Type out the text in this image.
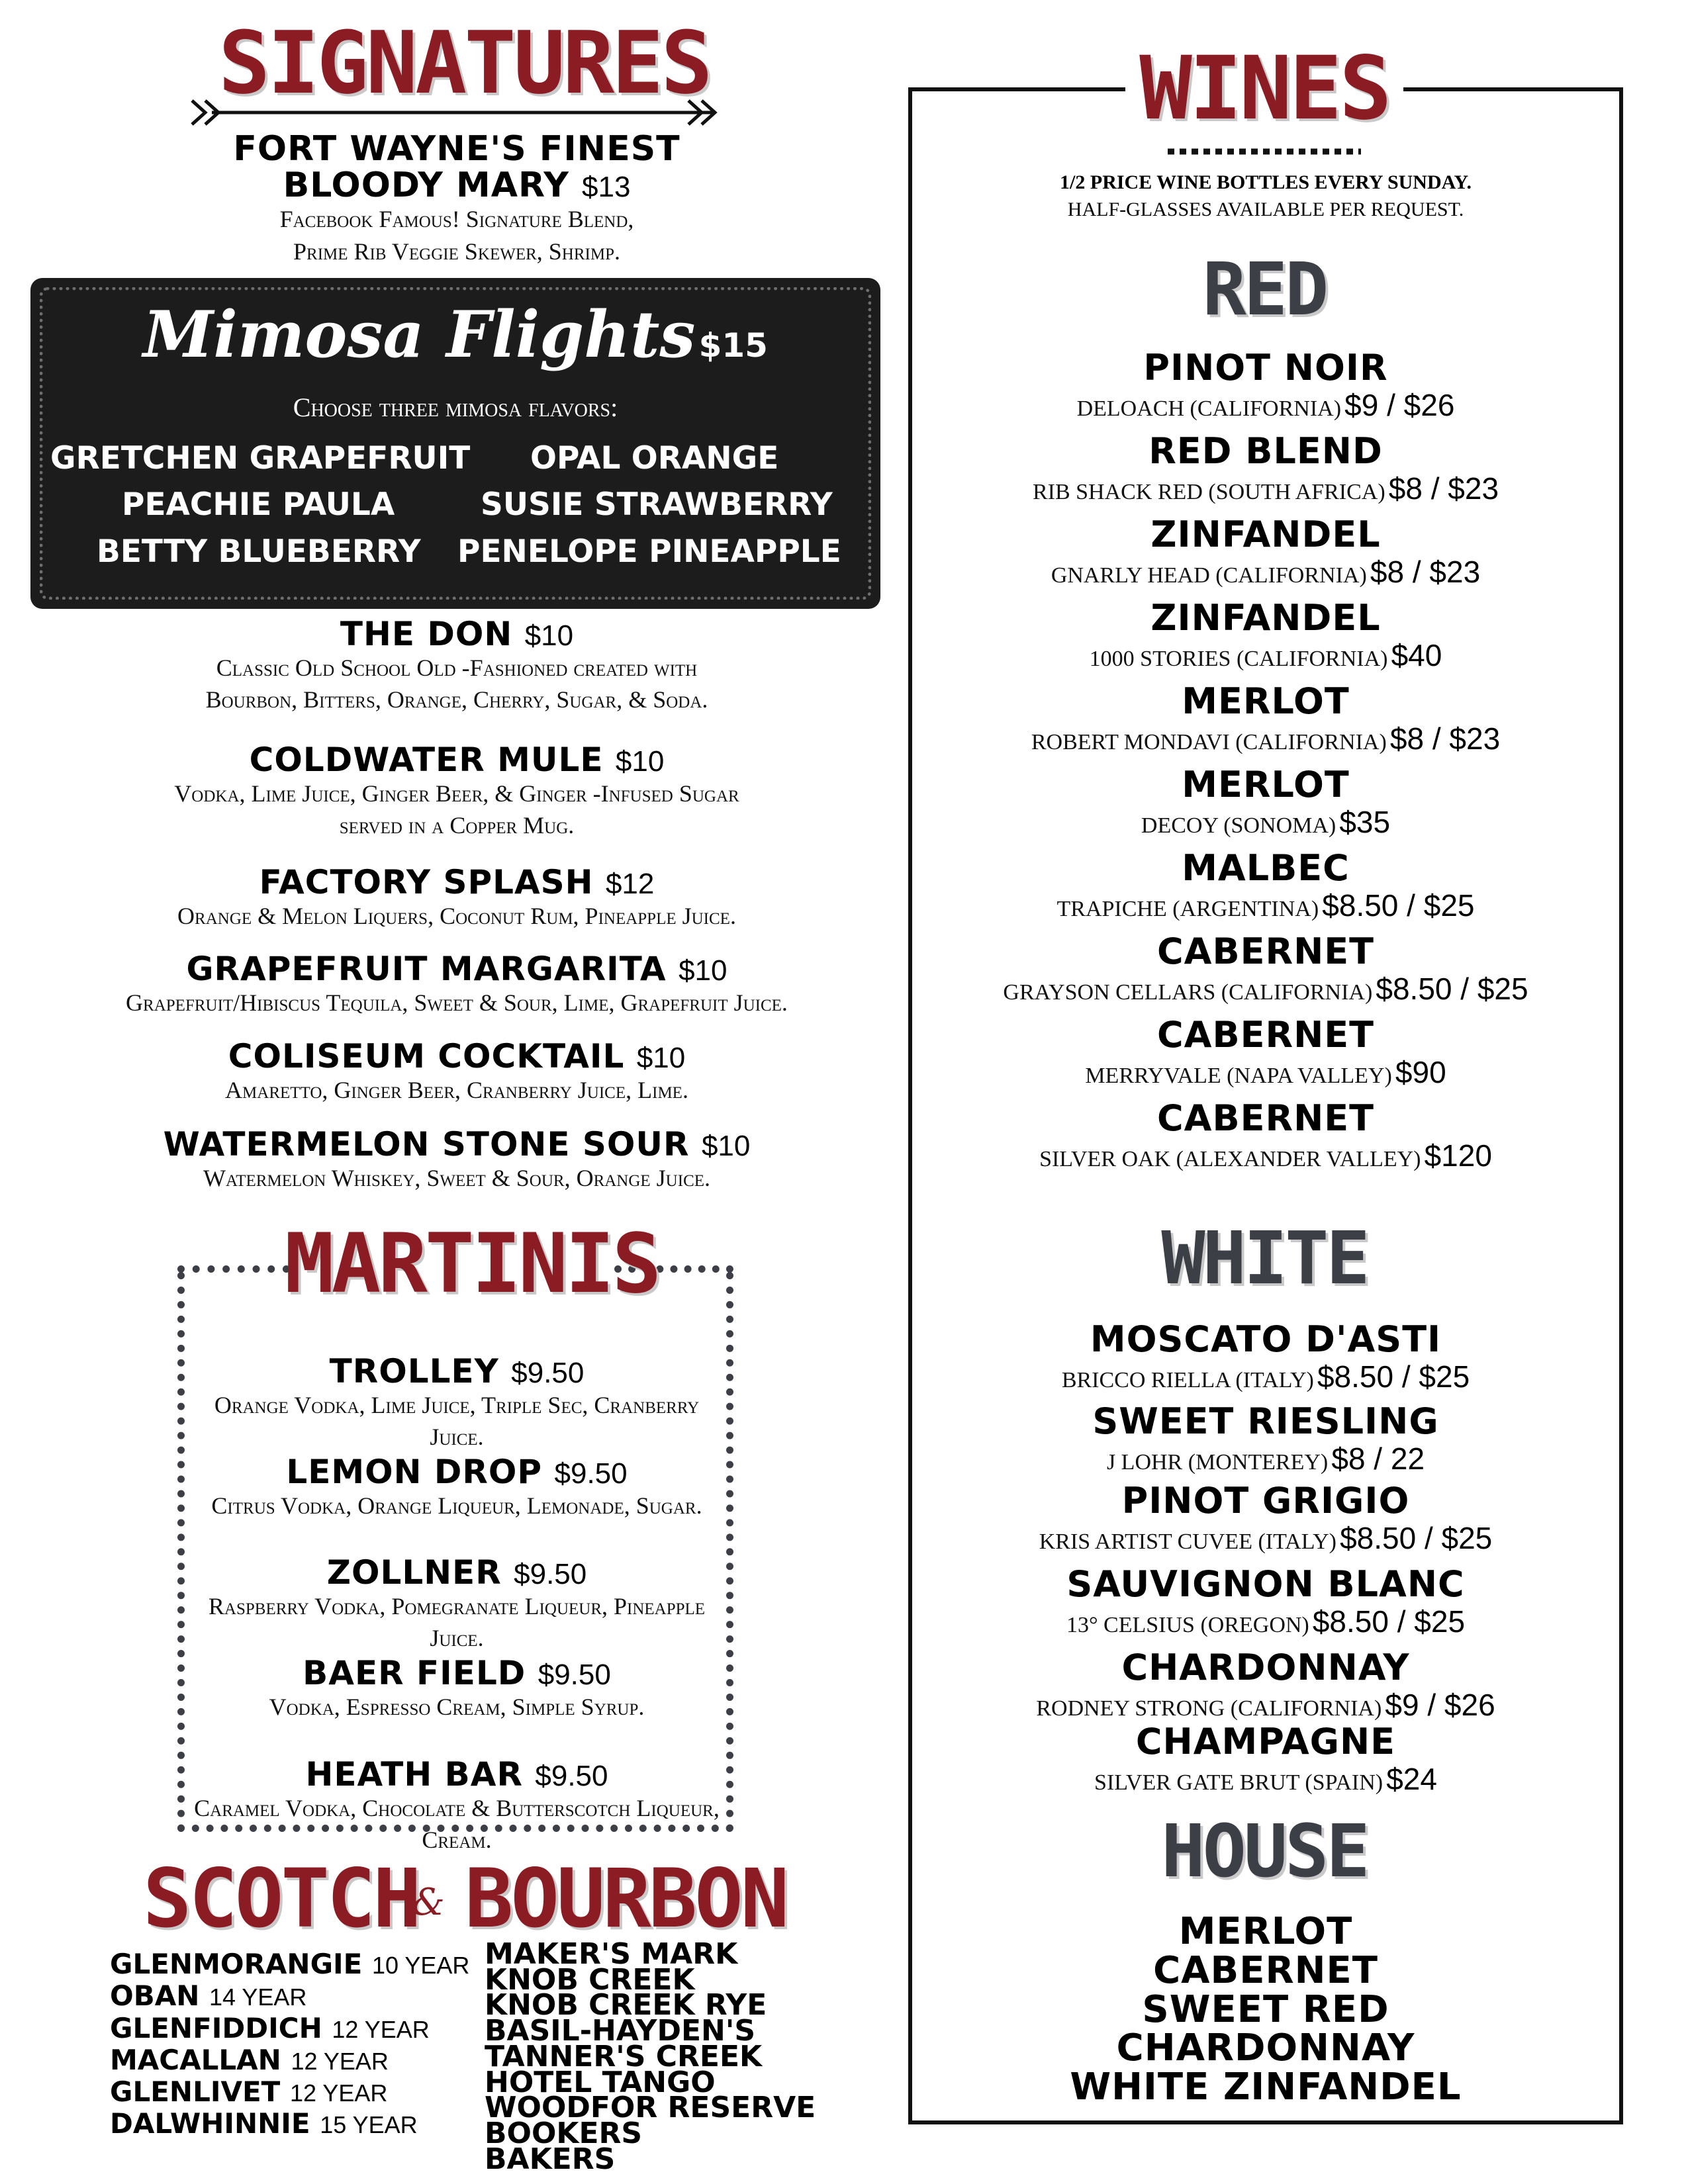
SIGNATURES
FORT WAYNE'S FINEST
BLOODY MARY $13
Facebook Famous! Signature Blend,
Prime Rib Veggie Skewer, Shrimp.
Mimosa Flights $15
Choose three mimosa flavors:
GRETCHEN GRAPEFRUIT OPAL ORANGE
PEACHIE PAULA	SUSIE STRAWBERRY
BETTY BLUEBERRY PENELOPE PINEAPPLE
THE DON $10
Classic Old School Old -Fashioned created with
Bourbon, Bitters, Orange, Cherry, Sugar, & Soda.
COLDWATER MULE $10
Vodka, Lime Juice, Ginger Beer, & Ginger -Infused Sugar
served in a Copper Mug.
FACTORY SPLASH $12
Orange & Melon Liquers, Coconut Rum, Pineapple Juice.
GRAPEFRUIT MARGARITA $10
Grapefruit/Hibiscus Tequila, Sweet & Sour, Lime, Grapefruit Juice.
COLISEUM COCKTAIL $10
Amaretto, Ginger Beer, Cranberry Juice, Lime.
WATERMELON STONE SOUR $10
Watermelon Whiskey, Sweet & Sour, Orange Juice.
MARTINIS
TROLLEY $9.50
Orange Vodka, Lime Juice, Triple Sec, Cranberry Juice.
LEMON DROP $9.50
Citrus Vodka, Orange Liqueur, Lemonade, Sugar.
ZOLLNER $9.50
Raspberry Vodka, Pomegranate Liqueur, Pineapple Juice.
BAER FIELD $9.50
Vodka, Espresso Cream, Simple Syrup.
HEATH BAR $9.50
Caramel Vodka, Chocolate & Butterscotch Liqueur, Cream.
SCOTCH
& BOURBON
GLENMORANGIE 10 YEAR
OBAN 14 YEAR
GLENFIDDICH 12 YEAR
MACALLAN 12 YEAR
GLENLIVET 12 YEAR
DALWHINNIE 15 YEAR
MAKER'S MARK
KNOB CREEK
KNOB CREEK RYE
BASIL-HAYDEN'S
TANNER'S CREEK
HOTEL TANGO
WOODFOR RESERVE
BOOKERS
BAKERS
WINES
1/2 PRICE WINE BOTTLES EVERY SUNDAY.
HALF-GLASSES AVAILABLE PER REQUEST.
RED
PINOT NOIR
DELOACH (CALIFORNIA) $9 / $26
RED BLEND
RIB SHACK RED (SOUTH AFRICA) $8 / $23
ZINFANDEL
GNARLY HEAD (CALIFORNIA) $8 / $23
ZINFANDEL
1000 STORIES (CALIFORNIA) $40
MERLOT
ROBERT MONDAVI (CALIFORNIA) $8 / $23
MERLOT
DECOY (SONOMA) $35
MALBEC
TRAPICHE (ARGENTINA) $8.50 / $25
CABERNET
GRAYSON CELLARS (CALIFORNIA) $8.50 / $25
CABERNET
MERRYVALE (NAPA VALLEY) $90
CABERNET
SILVER OAK (ALEXANDER VALLEY) $120
WHITE
MOSCATO D'ASTI
BRICCO RIELLA (ITALY) $8.50 / $25
SWEET RIESLING
J LOHR (MONTEREY) $8 / 22
PINOT GRIGIO
KRIS ARTIST CUVEE (ITALY) $8.50 / $25
SAUVIGNON BLANC
13° CELSIUS (OREGON) $8.50 / $25
CHARDONNAY
RODNEY STRONG (CALIFORNIA) $9 / $26
CHAMPAGNE
SILVER GATE BRUT (SPAIN) $24
HOUSE
MERLOT
CABERNET
SWEET RED
CHARDONNAY
WHITE ZINFANDEL
